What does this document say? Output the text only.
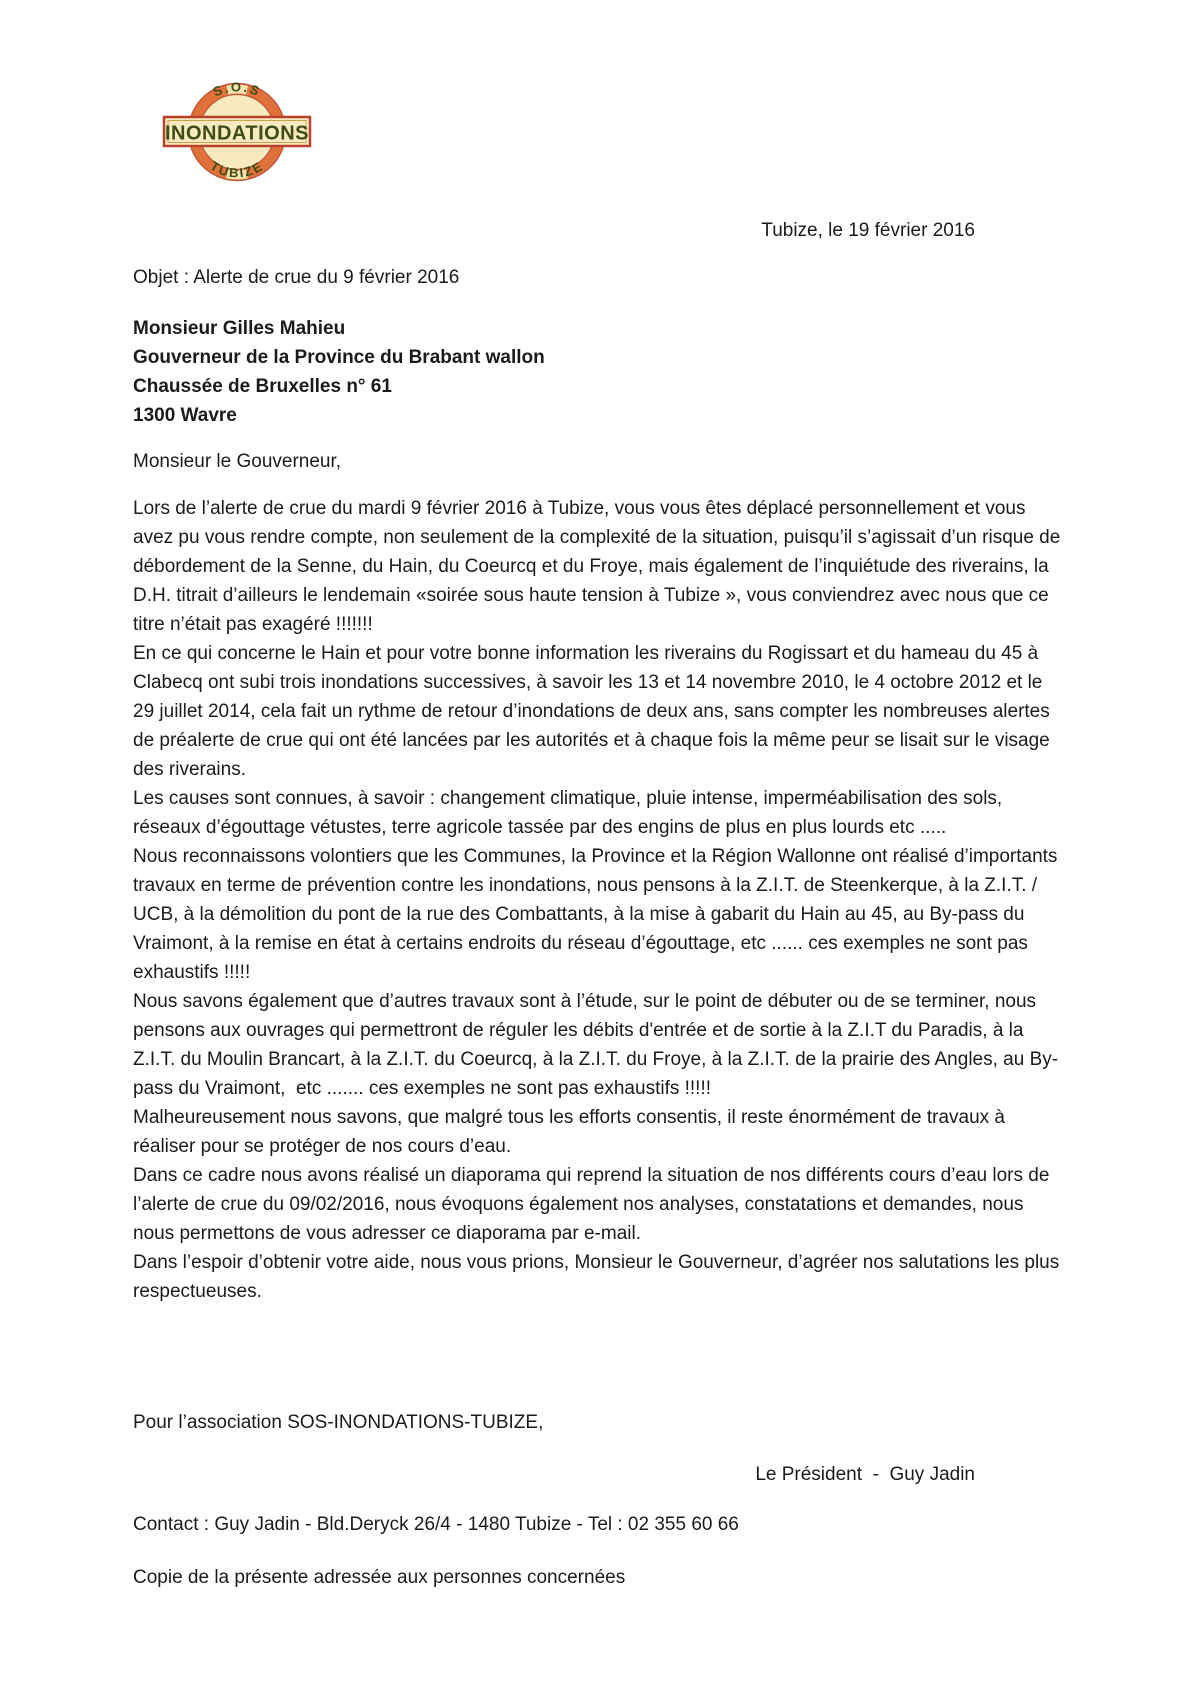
S.O.S
TUBIZE
INONDATIONS
Tubize, le 19 février 2016
Objet : Alerte de crue du 9 février 2016
Monsieur Gilles Mahieu
Gouverneur de la Province du Brabant wallon
Chaussée de Bruxelles n° 61
1300 Wavre
Monsieur le Gouverneur,

Lors de l’alerte de crue du mardi 9 février 2016 à Tubize, vous vous êtes déplacé personnellement et vous avez pu vous rendre compte, non seulement de la complexité de la situation, puisqu’il s’agissait d’un risque de débordement de la Senne, du Hain, du Coeurcq et du Froye, mais également de l’inquiétude des riverains, la D.H. titrait d’ailleurs le lendemain «soirée sous haute tension à Tubize », vous conviendrez avec nous que ce titre n’était pas exagéré !!!!!!!

En ce qui concerne le Hain et pour votre bonne information les riverains du Rogissart et du hameau du 45 à Clabecq ont subi trois inondations successives, à savoir les 13 et 14 novembre 2010, le 4 octobre 2012 et le 29 juillet 2014, cela fait un rythme de retour d’inondations de deux ans, sans compter les nombreuses alertes de préalerte de crue qui ont été lancées par les autorités et à chaque fois la même peur se lisait sur le visage des riverains.

Les causes sont connues, à savoir : changement climatique, pluie intense, imperméabilisation des sols, réseaux d’égouttage vétustes, terre agricole tassée par des engins de plus en plus lourds etc .....

Nous reconnaissons volontiers que les Communes, la Province et la Région Wallonne ont réalisé d’importants travaux en terme de prévention contre les inondations, nous pensons à la Z.I.T. de Steenkerque, à la Z.I.T. / UCB, à la démolition du pont de la rue des Combattants, à la mise à gabarit du Hain au 45, au By-pass du Vraimont, à la remise en état à certains endroits du réseau d’égouttage, etc ...... ces exemples ne sont pas exhaustifs !!!!!

Nous savons également que d’autres travaux sont à l’étude, sur le point de débuter ou de se terminer, nous pensons aux ouvrages qui permettront de réguler les débits d'entrée et de sortie à la Z.I.T du Paradis, à la Z.I.T. du Moulin Brancart, à la Z.I.T. du Coeurcq, à la Z.I.T. du Froye, à la Z.I.T. de la prairie des Angles, au By-pass du Vraimont,  etc ....... ces exemples ne sont pas exhaustifs !!!!!

Malheureusement nous savons, que malgré tous les efforts consentis, il reste énormément de travaux à réaliser pour se protéger de nos cours d’eau.

Dans ce cadre nous avons réalisé un diaporama qui reprend la situation de nos différents cours d’eau lors de l’alerte de crue du 09/02/2016, nous évoquons également nos analyses, constatations et demandes, nous nous permettons de vous adresser ce diaporama par e-mail.

Dans l’espoir d’obtenir votre aide, nous vous prions, Monsieur le Gouverneur, d’agréer nos salutations les plus respectueuses.

Pour l’association SOS-INONDATIONS-TUBIZE,
Le Président  -  Guy Jadin
Contact : Guy Jadin - Bld.Deryck 26/4 - 1480 Tubize - Tel : 02 355 60 66
Copie de la présente adressée aux personnes concernées
